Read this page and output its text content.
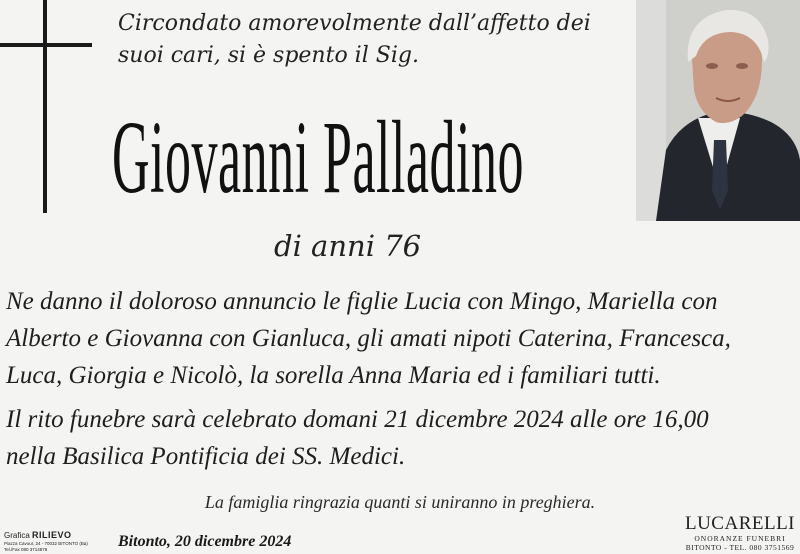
Circondato amorevolmente dall’affetto dei
suoi cari, si è spento il Sig.

Giovanni Palladino
di anni 76

Ne danno il doloroso annuncio le figlie Lucia con Mingo, Mariella con
Alberto e Giovanna con Gianluca, gli amati nipoti Caterina, Francesca,
Luca, Giorgia e Nicolò, la sorella Anna Maria ed i familiari tutti.

Il rito funebre sarà celebrato domani 21 dicembre 2024 alle ore 16,00
nella Basilica Pontificia dei SS. Medici.

La famiglia ringrazia quanti si uniranno in preghiera.
Grafica RILIEVO
Piazza Cavour, 24 - 70032 BITONTO (Ba)
Tel./Fax 080 3714878	Bitonto, 20 dicembre 2024
LUCARELLI
ONORANZE FUNEBRI
BITONTO - TEL. 080 3751569
